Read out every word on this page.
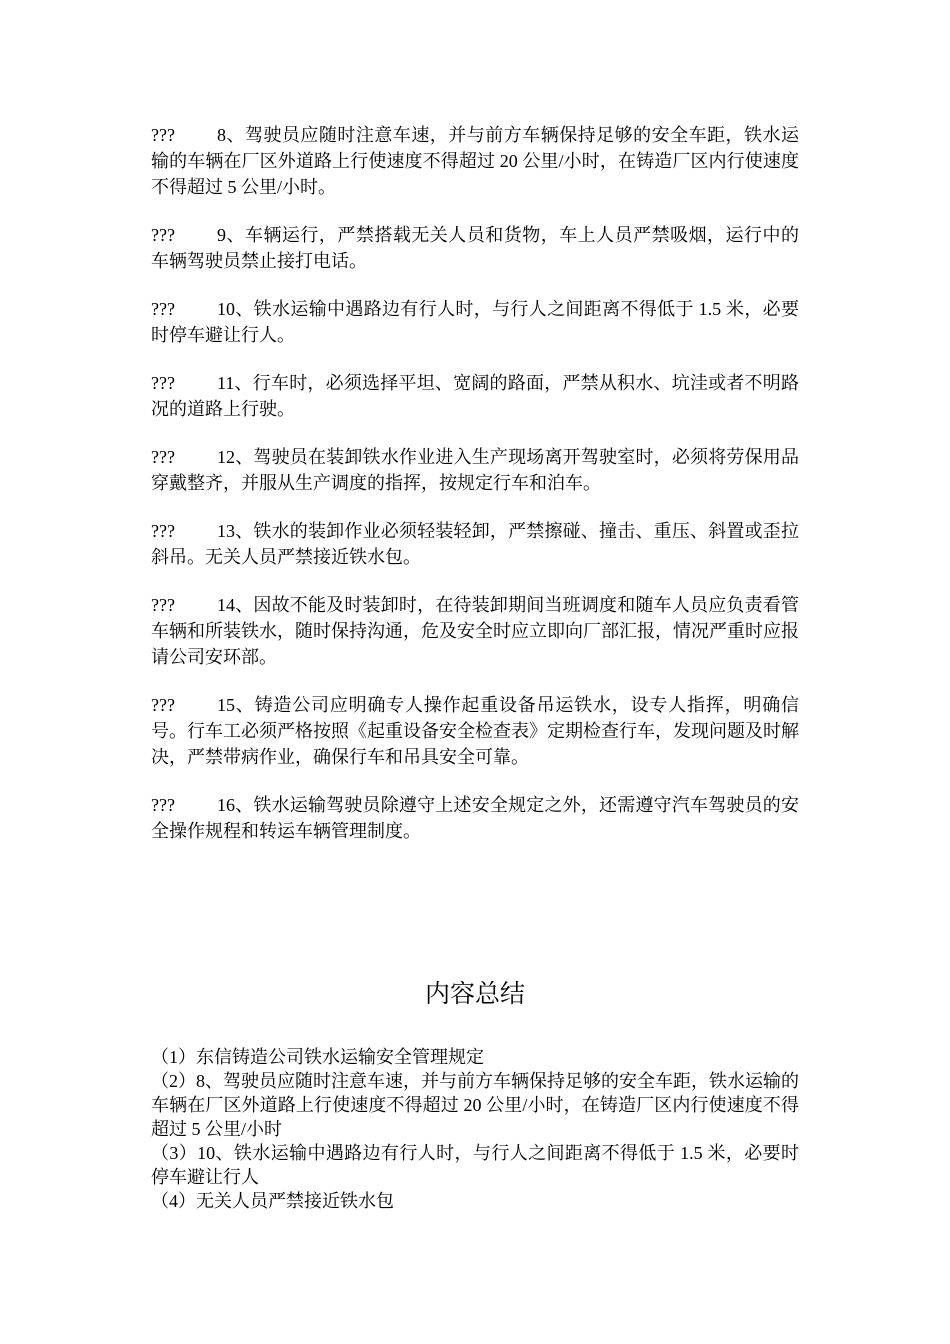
??? 8、驾驶员应随时注意车速，并与前方车辆保持足够的安全车距，铁水运输的车辆在厂区外道路上行使速度不得超过 20 公里/小时，在铸造厂区内行使速度不得超过 5 公里/小时。

??? 9、车辆运行，严禁搭载无关人员和货物，车上人员严禁吸烟，运行中的车辆驾驶员禁止接打电话。

??? 10、铁水运输中遇路边有行人时，与行人之间距离不得低于 1.5 米，必要时停车避让行人。

??? 11、行车时，必须选择平坦、宽阔的路面，严禁从积水、坑洼或者不明路况的道路上行驶。

??? 12、驾驶员在装卸铁水作业进入生产现场离开驾驶室时，必须将劳保用品穿戴整齐，并服从生产调度的指挥，按规定行车和泊车。

??? 13、铁水的装卸作业必须轻装轻卸，严禁擦碰、撞击、重压、斜置或歪拉斜吊。无关人员严禁接近铁水包。

??? 14、因故不能及时装卸时，在待装卸期间当班调度和随车人员应负责看管车辆和所装铁水，随时保持沟通，危及安全时应立即向厂部汇报，情况严重时应报请公司安环部。

??? 15、铸造公司应明确专人操作起重设备吊运铁水，设专人指挥，明确信号。行车工必须严格按照《起重设备安全检查表》定期检查行车，发现问题及时解决，严禁带病作业，确保行车和吊具安全可靠。

??? 16、铁水运输驾驶员除遵守上述安全规定之外，还需遵守汽车驾驶员的安全操作规程和转运车辆管理制度。

内容总结

（1）东信铸造公司铁水运输安全管理规定

（2）8、驾驶员应随时注意车速，并与前方车辆保持足够的安全车距，铁水运输的车辆在厂区外道路上行使速度不得超过 20 公里/小时，在铸造厂区内行使速度不得超过 5 公里/小时

（3）10、铁水运输中遇路边有行人时，与行人之间距离不得低于 1.5 米，必要时停车避让行人

（4）无关人员严禁接近铁水包
